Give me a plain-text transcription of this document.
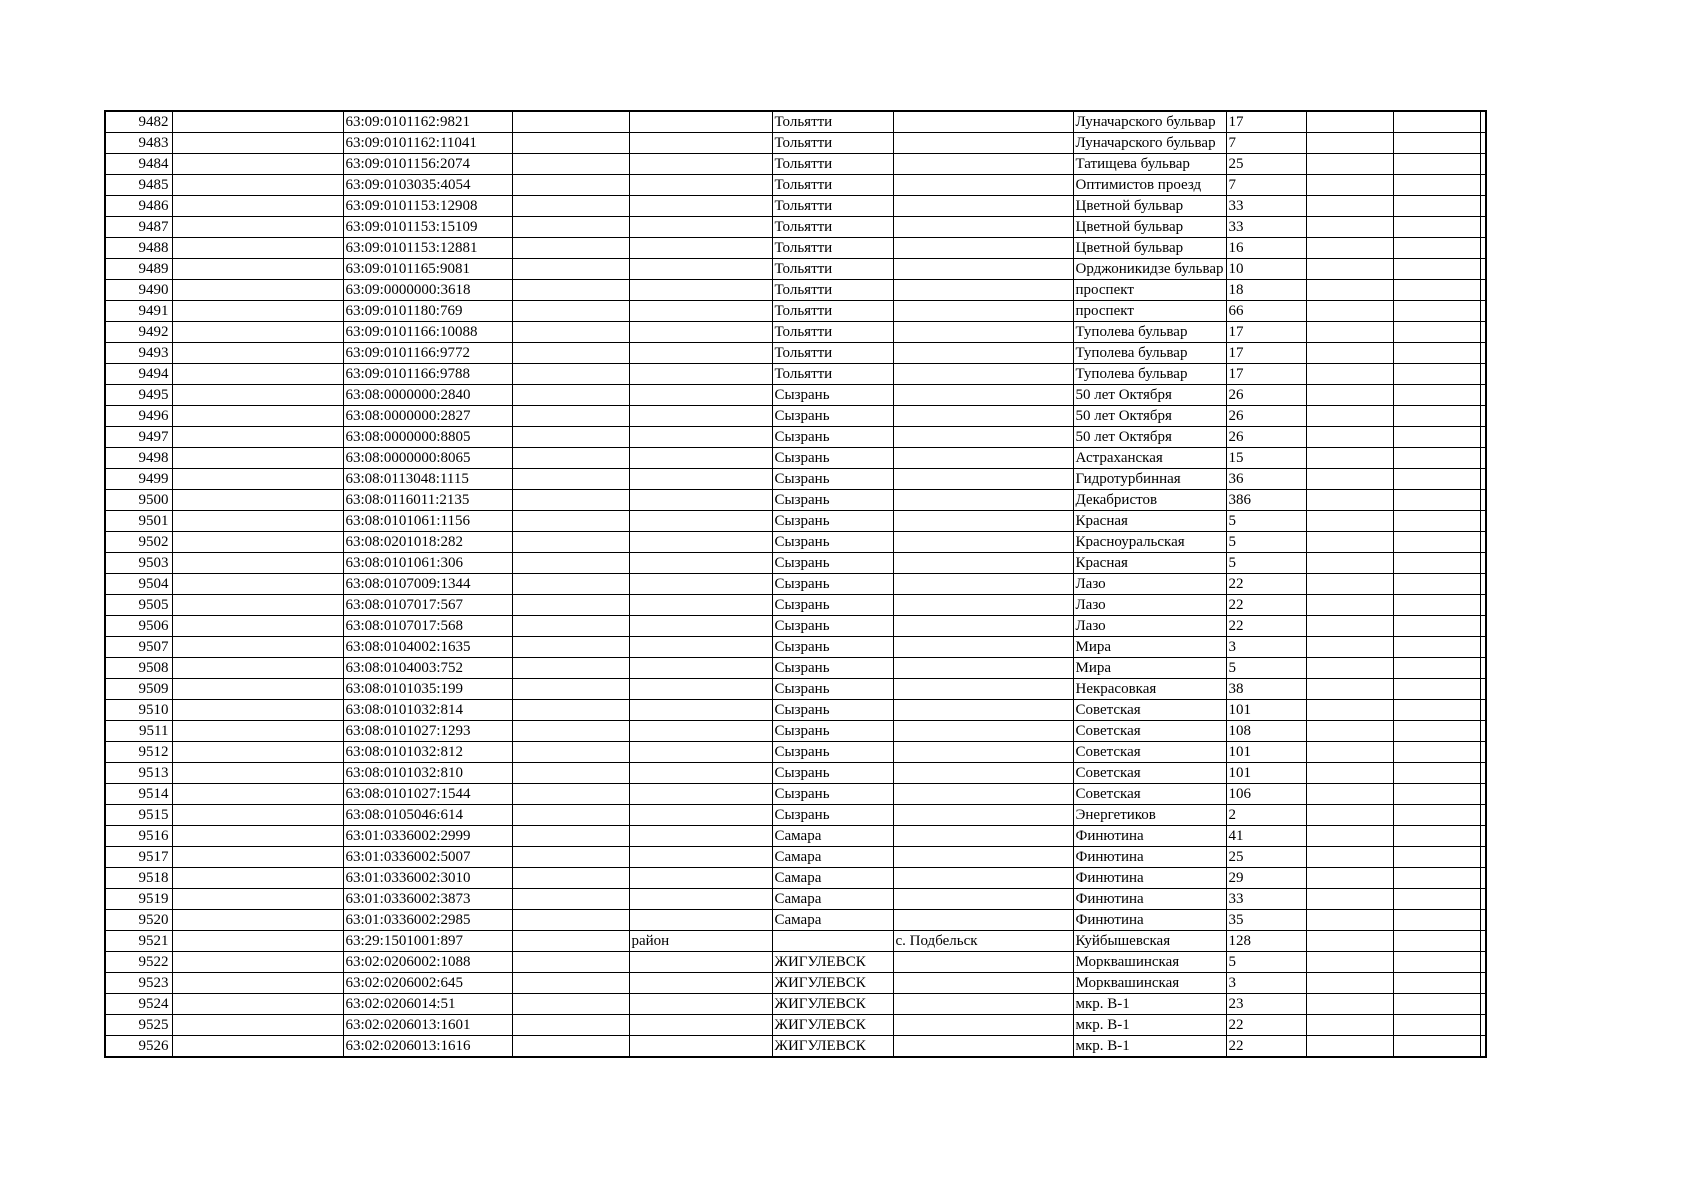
9482		63:09:0101162:9821			Тольятти		Луначарского бульвар	17			
9483		63:09:0101162:11041			Тольятти		Луначарского бульвар	7			
9484		63:09:0101156:2074			Тольятти		Татищева бульвар	25			
9485		63:09:0103035:4054			Тольятти		Оптимистов проезд	7			
9486		63:09:0101153:12908			Тольятти		Цветной бульвар	33			
9487		63:09:0101153:15109			Тольятти		Цветной бульвар	33			
9488		63:09:0101153:12881			Тольятти		Цветной бульвар	16			
9489		63:09:0101165:9081			Тольятти		Орджоникидзе бульвар	10			
9490		63:09:0000000:3618			Тольятти		проспект	18			
9491		63:09:0101180:769			Тольятти		проспект	66			
9492		63:09:0101166:10088			Тольятти		Туполева бульвар	17			
9493		63:09:0101166:9772			Тольятти		Туполева бульвар	17			
9494		63:09:0101166:9788			Тольятти		Туполева бульвар	17			
9495		63:08:0000000:2840			Сызрань		50 лет Октября	26			
9496		63:08:0000000:2827			Сызрань		50 лет Октября	26			
9497		63:08:0000000:8805			Сызрань		50 лет Октября	26			
9498		63:08:0000000:8065			Сызрань		Астраханская	15			
9499		63:08:0113048:1115			Сызрань		Гидротурбинная	36			
9500		63:08:0116011:2135			Сызрань		Декабристов	386			
9501		63:08:0101061:1156			Сызрань		Красная	5			
9502		63:08:0201018:282			Сызрань		Красноуральская	5			
9503		63:08:0101061:306			Сызрань		Красная	5			
9504		63:08:0107009:1344			Сызрань		Лазо	22			
9505		63:08:0107017:567			Сызрань		Лазо	22			
9506		63:08:0107017:568			Сызрань		Лазо	22			
9507		63:08:0104002:1635			Сызрань		Мира	3			
9508		63:08:0104003:752			Сызрань		Мира	5			
9509		63:08:0101035:199			Сызрань		Некрасовкая	38			
9510		63:08:0101032:814			Сызрань		Советская	101			
9511		63:08:0101027:1293			Сызрань		Советская	108			
9512		63:08:0101032:812			Сызрань		Советская	101			
9513		63:08:0101032:810			Сызрань		Советская	101			
9514		63:08:0101027:1544			Сызрань		Советская	106			
9515		63:08:0105046:614			Сызрань		Энергетиков	2			
9516		63:01:0336002:2999			Самара		Финютина	41			
9517		63:01:0336002:5007			Самара		Финютина	25			
9518		63:01:0336002:3010			Самара		Финютина	29			
9519		63:01:0336002:3873			Самара		Финютина	33			
9520		63:01:0336002:2985			Самара		Финютина	35			
9521		63:29:1501001:897		район		с. Подбельск	Куйбышевская	128			
9522		63:02:0206002:1088			ЖИГУЛЕВСК		Морквашинская	5			
9523		63:02:0206002:645			ЖИГУЛЕВСК		Морквашинская	3			
9524		63:02:0206014:51			ЖИГУЛЕВСК		мкр. В-1	23			
9525		63:02:0206013:1601			ЖИГУЛЕВСК		мкр. В-1	22			
9526		63:02:0206013:1616			ЖИГУЛЕВСК		мкр. В-1	22			
